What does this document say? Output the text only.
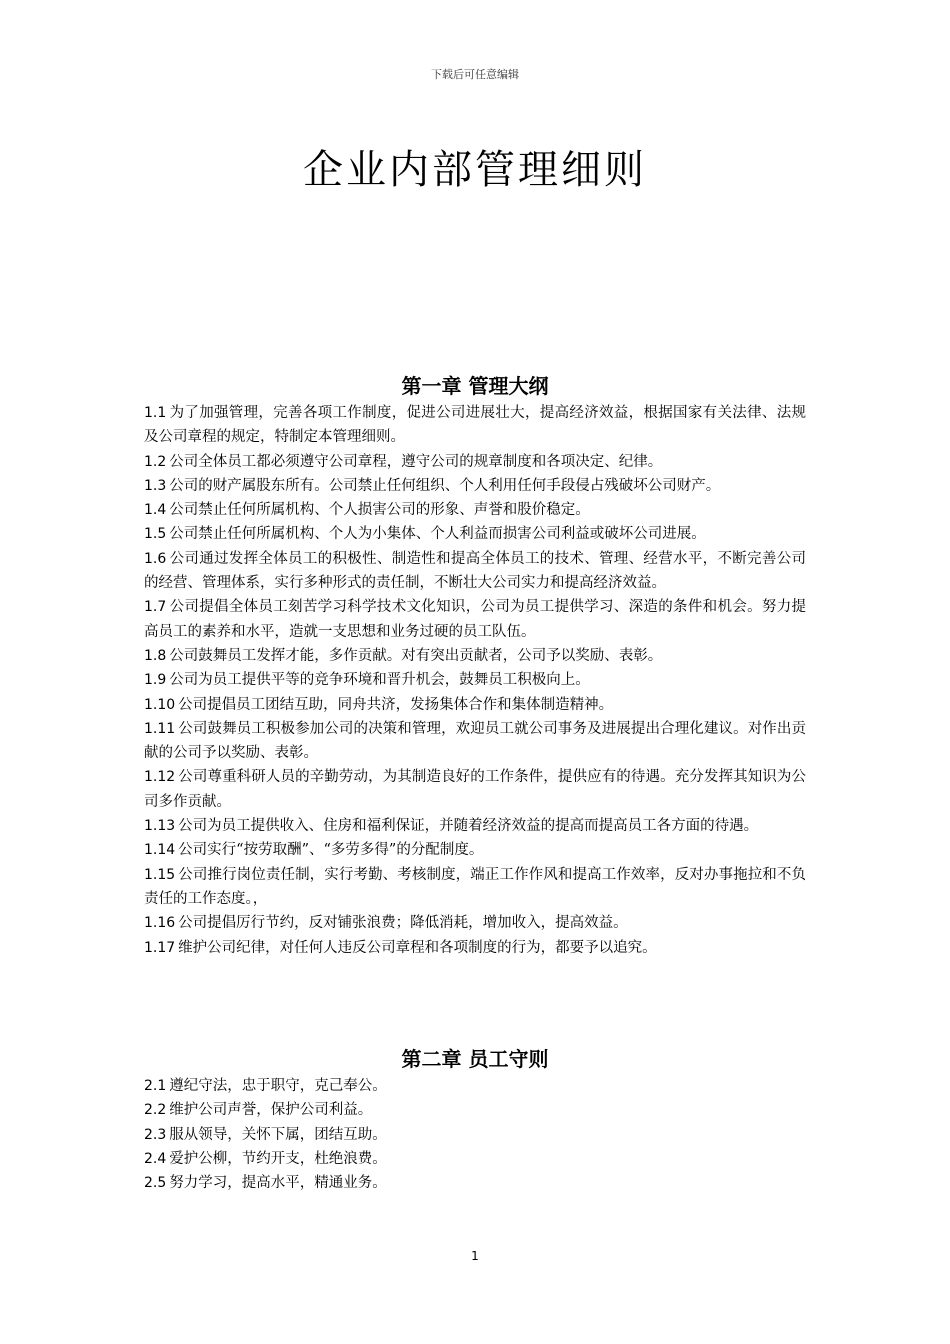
下载后可任意编辑
企业内部管理细则
第一章 管理大纲
1.1 为了加强管理，完善各项工作制度，促进公司进展壮大，提高经济效益，根据国家有关法律、法规及公司章程的规定，特制定本管理细则。
1.2 公司全体员工都必须遵守公司章程，遵守公司的规章制度和各项决定、纪律。
1.3 公司的财产属股东所有。公司禁止任何组织、个人利用任何手段侵占残破坏公司财产。
1.4 公司禁止任何所属机构、个人损害公司的形象、声誉和股价稳定。
1.5 公司禁止任何所属机构、个人为小集体、个人利益而损害公司利益或破坏公司进展。
1.6 公司通过发挥全体员工的积极性、制造性和提高全体员工的技术、管理、经营水平，不断完善公司的经营、管理体系，实行多种形式的责任制，不断壮大公司实力和提高经济效益。
1.7 公司提倡全体员工刻苦学习科学技术文化知识，公司为员工提供学习、深造的条件和机会。努力提高员工的素养和水平，造就一支思想和业务过硬的员工队伍。
1.8 公司鼓舞员工发挥才能，多作贡献。对有突出贡献者，公司予以奖励、表彰。
1.9 公司为员工提供平等的竞争环境和晋升机会，鼓舞员工积极向上。
1.10 公司提倡员工团结互助，同舟共济，发扬集体合作和集体制造精神。
1.11 公司鼓舞员工积极参加公司的决策和管理，欢迎员工就公司事务及进展提出合理化建议。对作出贡献的公司予以奖励、表彰。
1.12 公司尊重科研人员的辛勤劳动，为其制造良好的工作条件，提供应有的待遇。充分发挥其知识为公司多作贡献。
1.13 公司为员工提供收入、住房和福利保证，并随着经济效益的提高而提高员工各方面的待遇。
1.14 公司实行“按劳取酬”、“多劳多得”的分配制度。
1.15 公司推行岗位责任制，实行考勤、考核制度，端正工作作风和提高工作效率，反对办事拖拉和不负责任的工作态度。，
1.16 公司提倡厉行节约，反对铺张浪费；降低消耗，增加收入，提高效益。
1.17 维护公司纪律，对任何人违反公司章程和各项制度的行为，都要予以追究。
第二章 员工守则
2.1 遵纪守法，忠于职守，克己奉公。
2.2 维护公司声誉，保护公司利益。
2.3 服从领导，关怀下属，团结互助。
2.4 爱护公柳，节约开支，杜绝浪费。
2.5 努力学习，提高水平，精通业务。
1
